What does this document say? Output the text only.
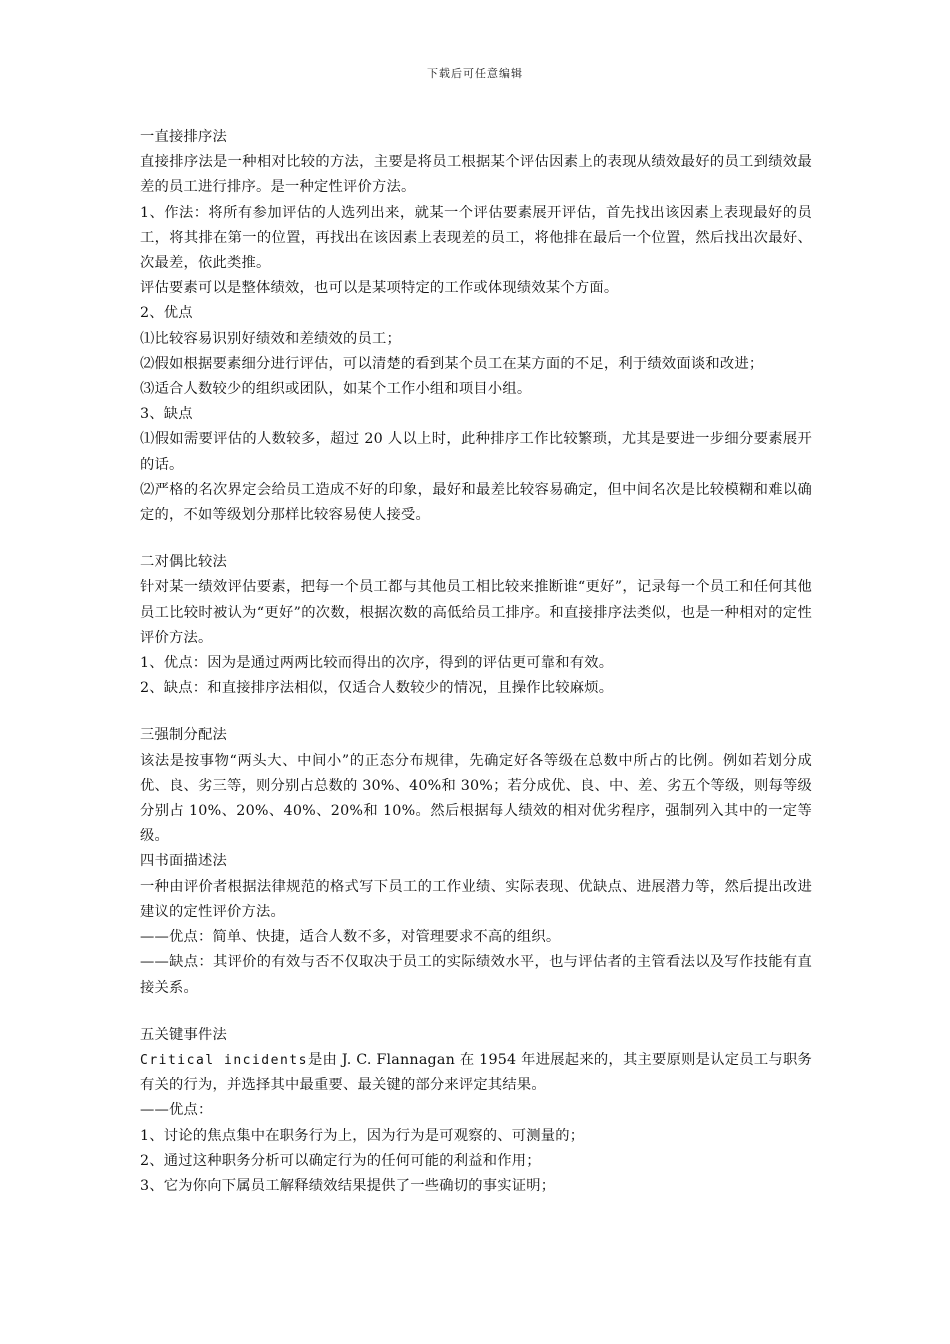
下载后可任意编辑

一直接排序法

直接排序法是一种相对比较的方法，主要是将员工根据某个评估因素上的表现从绩效最好的员工到绩效最差的员工进行排序。是一种定性评价方法。

1、作法：将所有参加评估的人选列出来，就某一个评估要素展开评估，首先找出该因素上表现最好的员工，将其排在第一的位置，再找出在该因素上表现差的员工，将他排在最后一个位置，然后找出次最好、次最差，依此类推。

评估要素可以是整体绩效，也可以是某项特定的工作或体现绩效某个方面。

2、优点

⑴比较容易识别好绩效和差绩效的员工；

⑵假如根据要素细分进行评估，可以清楚的看到某个员工在某方面的不足，利于绩效面谈和改进；

⑶适合人数较少的组织或团队，如某个工作小组和项目小组。

3、缺点

⑴假如需要评估的人数较多，超过 20 人以上时，此种排序工作比较繁琐，尤其是要进一步细分要素展开的话。

⑵严格的名次界定会给员工造成不好的印象，最好和最差比较容易确定，但中间名次是比较模糊和难以确定的，不如等级划分那样比较容易使人接受。

二对偶比较法

针对某一绩效评估要素，把每一个员工都与其他员工相比较来推断谁“更好”，记录每一个员工和任何其他员工比较时被认为“更好”的次数，根据次数的高低给员工排序。和直接排序法类似，也是一种相对的定性评价方法。

1、优点：因为是通过两两比较而得出的次序，得到的评估更可靠和有效。

2、缺点：和直接排序法相似，仅适合人数较少的情况，且操作比较麻烦。

三强制分配法

该法是按事物“两头大、中间小”的正态分布规律，先确定好各等级在总数中所占的比例。例如若划分成优、良、劣三等，则分别占总数的 30%、40%和 30%；若分成优、良、中、差、劣五个等级，则每等级分别占 10%、20%、40%、20%和 10%。然后根据每人绩效的相对优劣程序，强制列入其中的一定等级。

四书面描述法

一种由评价者根据法律规范的格式写下员工的工作业绩、实际表现、优缺点、进展潜力等，然后提出改进建议的定性评价方法。

——优点：简单、快捷，适合人数不多，对管理要求不高的组织。

——缺点：其评价的有效与否不仅取决于员工的实际绩效水平，也与评估者的主管看法以及写作技能有直接关系。

五关键事件法

Critical incidents是由 J. C. Flannagan 在 1954 年进展起来的，其主要原则是认定员工与职务有关的行为，并选择其中最重要、最关键的部分来评定其结果。

——优点：

1、讨论的焦点集中在职务行为上，因为行为是可观察的、可测量的；

2、通过这种职务分析可以确定行为的任何可能的利益和作用；

3、它为你向下属员工解释绩效结果提供了一些确切的事实证明；
